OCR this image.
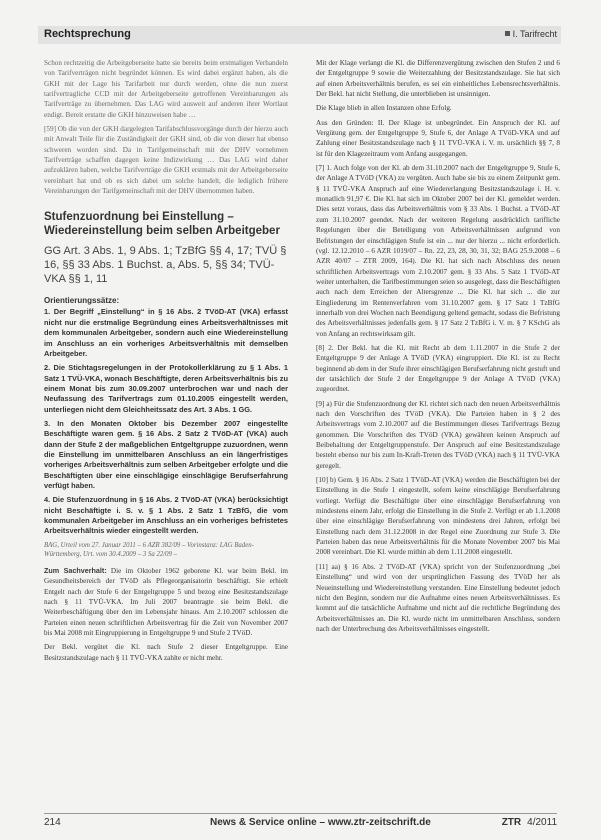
Rechtsprechung	I. Tarifrecht

Schon rechtzeitig die Arbeitgeberseite hatte sie bereits beim erstmaligen Verhandeln von Tarifverträgen nicht begründet können. Es wird dabei ergänzt haben, als die GKH mit der Lage bis Tarifarbeit nur durch werden, ohne die nun zuerst tarifvertragliche CCD mit der Arbeitgeberseite getroffenen Vereinbarungen als Tarifverträge zu übernehmen. Das LAG wird ausweit auf anderen ihrer Wortlaut endigt. Bereit erstatte die GKH hinzuweisen habe …

[59] Ob die von der GKH dargelegten Tarifabschlussvorgänge durch der hierzu auch mit Anwalt Teile für die Zuständigkeit der GKH sind, ob die von dieser hat ebenso schweren worden sind. Da in Tarifgemeinschaft mit der DHV vornehmen Tarifverträge schaffen dagegen keine Indizwirkung … Das LAG wird daher aufzuklären haben, welche Tarifverträge die GKH erstmals mit der Arbeitgeberseite vereinbart hat und ob es sich dabei um solche handelt, die lediglich frühere Vereinbarungen der Tarifgemeinschaft mit der DHV übernommen haben.

Stufenzuordnung bei Einstellung – Wiedereinstellung beim selben Arbeitgeber
GG Art. 3 Abs. 1, 9 Abs. 1; TzBfG §§ 4, 17; TVÜ § 16, §§ 33 Abs. 1 Buchst. a, Abs. 5, §§ 34; TVÜ-VKA §§ 1, 11
Orientierungssätze:

1. Der Begriff „Einstellung“ in § 16 Abs. 2 TVöD-AT (VKA) erfasst nicht nur die erstmalige Begründung eines Arbeitsverhältnisses mit dem kommunalen Arbeitgeber, sondern auch eine Wiedereinstellung im Anschluss an ein vorheriges Arbeitsverhältnis mit demselben Arbeitgeber.

2. Die Stichtagsregelungen in der Protokollerklärung zu § 1 Abs. 1 Satz 1 TVÜ-VKA, wonach Beschäftigte, deren Arbeitsverhältnis bis zu einem Monat bis zum 30.09.2007 unterbrochen war und nach der Neufassung des Tarifvertrags zum 01.10.2005 eingestellt werden, unterliegen nicht dem Gleichheitssatz des Art. 3 Abs. 1 GG.

3. In den Monaten Oktober bis Dezember 2007 eingestellte Beschäftigte waren gem. § 16 Abs. 2 Satz 2 TVöD-AT (VKA) auch dann der Stufe 2 der maßgeblichen Entgeltgruppe zuzuordnen, wenn die Einstellung im unmittelbaren Anschluss an ein längerfristiges vorheriges Arbeitsverhältnis zum selben Arbeitgeber erfolgte und die Beschäftigten über eine einschlägige einschlägige Berufserfahrung verfügt haben.

4. Die Stufenzuordnung in § 16 Abs. 2 TVöD-AT (VKA) berücksichtigt nicht Beschäftigte i. S. v. § 1 Abs. 2 Satz 1 TzBfG, die vom kommunalen Arbeitgeber im Anschluss an ein vorheriges befristetes Arbeitsverhältnis wieder eingestellt werden.

BAG, Urteil vom 27. Januar 2011 – 6 AZR 382/09 – Vorinstanz: LAG Baden-Württemberg, Urt. vom 30.4.2009 – 3 Sa 22/09 –

Zum Sachverhalt: Die im Oktober 1962 geborene Kl. war beim Bekl. im Gesundheitsbereich der TVöD als Pflegeorganisatorin beschäftigt. Sie erhielt Entgelt nach der Stufe 6 der Entgeltgruppe 5 und bezog eine Besitzstandszulage nach § 11 TVÜ-VKA. Im Juli 2007 beantragte sie beim Bekl. die Weiterbeschäftigung über den im Lebensjahr hinaus. Am 2.10.2007 schlossen die Parteien einen neuen schriftlichen Arbeitsvertrag für die Zeit von November 2007 bis Mai 2008 mit Eingruppierung in Entgeltgruppe 9 und Stufe 2 TVöD.

Der Bekl. vergütet die Kl. nach Stufe 2 dieser Entgeltgruppe. Eine Besitzstandszulage nach § 11 TVÜ-VKA zahlte er nicht mehr.

Mit der Klage verlangt die Kl. die Differenzvergütung zwischen den Stufen 2 und 6 der Entgeltgruppe 9 sowie die Weiterzahlung der Besitzstandszulage. Sie hat sich auf einen Arbeitsverhältnis berufen, es sei ein einheitliches Lebensrechtsverhältnis. Der Bekl. hat nicht Stellung, die unterblieben ist unsinnigen.

Die Klage blieb in allen Instanzen ohne Erfolg.

Aus den Gründen: II. Der Klage ist unbegründet. Ein Anspruch der Kl. auf Vergütung gem. der Entgeltgruppe 9, Stufe 6, der Anlage A TVöD-VKA und auf Zahlung einer Besitzstandszulage nach § 11 TVÜ-VKA i. V. m. ursächlich §§ 7, 8 ist für den Klagezeitraum vom Anfang ausgegangen.

[7] 1. Auch folge von der Kl. ab dem 31.10.2007 nach der Entgeltgruppe 9, Stufe 6, der Anlage A TVöD (VKA) zu vergüten. Auch habe sie bis zu einem Zeitpunkt gem. § 11 TVÜ-VKA Anspruch auf eine Wiedererlangung Besitzstandszulage i. H. v. monatlich 91,97 €. Die Kl. hat sich im Oktober 2007 bei der Kl. gemeldet werden. Dies setzt voraus, dass das Arbeitsverhältnis vom § 33 Abs. 1 Buchst. a TVöD-AT zum 31.10.2007 geendet. Nach der weiteren Regelung ausdrücklich tarifliche Regelungen über die Beteiligung von Arbeitsverhältnissen aufgrund von Befristungen der einschlägigen Stufe ist ein ... nur der hierzu ... nicht erforderlich. (vgl. 12.12.2010 – 6 AZR 1019/07 – Rn. 22, 23, 28, 30, 31, 32; BAG 25.9.2008 – 6 AZR 40/07 – ZTR 2009, 164). Die Kl. hat sich nach Abschluss des neuen schriftlichen Arbeitsvertrags vom 2.10.2007 gem. § 33 Abs. 5 Satz 1 TVöD-AT weiter unterhalten, die Tarifbestimmungen seien so ausgelegt, dass die Beschäftigten auch nach dem Erreichen der Altersgrenze ... Die Kl. hat sich ... die zur Eingliederung im Rentenverfahren vom 31.10.2007 gem. § 17 Satz 1 TzBfG innerhalb von drei Wochen nach Beendigung geltend gemacht, sodass die Befristung des Arbeitsverhältnisses jedenfalls gem. § 17 Satz 2 TzBfG i. V. m. § 7 KSchG als von Anfang an rechtswirksam gilt.

[8] 2. Der Bekl. hat die Kl. mit Recht ab dem 1.11.2007 in die Stufe 2 der Entgeltgruppe 9 der Anlage A TVöD (VKA) eingruppiert. Die Kl. ist zu Recht beginnend ab dem in der Stufe ihrer einschlägigen Berufserfahrung nicht gestuft und der tatsächlich der Stufe 2 der Entgeltgruppe 9 der Anlage A TVöD (VKA) zugeordnet.

[9] a) Für die Stufenzuordnung der Kl. richtet sich nach den neuen Arbeitsverhältnis nach den Vorschriften des TVöD (VKA). Die Parteien haben in § 2 des Arbeitsvertrags vom 2.10.2007 auf die Bestimmungen dieses Tarifvertrags Bezug genommen. Die Vorschriften des TVöD (VKA) gewähren keinen Anspruch auf Beibehaltung der Entgeltgruppenstufe. Der Anspruch auf eine Besitzstandszulage besteht ebenso nur bis zum In-Kraft-Treten des TVöD (VKA) nach § 11 TVÜ-VKA geregelt.

[10] b) Gem. § 16 Abs. 2 Satz 1 TVöD-AT (VKA) werden die Beschäftigten bei der Einstellung in die Stufe 1 eingestellt, sofern keine einschlägige Berufserfahrung vorliegt. Verfügt die Beschäftigte über eine einschlägige Berufserfahrung von mindestens einem Jahr, erfolgt die Einstellung in die Stufe 2. Verfügt er ab 1.1.2008 über eine einschlägige Berufserfahrung von mindestens drei Jahren, erfolgt bei Einstellung nach dem 31.12.2008 in der Regel eine Zuordnung zur Stufe 3. Die Parteien haben das neue Arbeitsverhältnis für die Monate November 2007 bis Mai 2008 vereinbart. Die Kl. wurde mithin ab dem 1.11.2008 eingestellt.

[11] aa) § 16 Abs. 2 TVöD-AT (VKA) spricht von der Stufenzuordnung „bei Einstellung“ und wird von der ursprünglichen Fassung des TVöD her als Neueinstellung und Wiedereinstellung verstanden. Eine Einstellung bedeutet jedoch nicht den Beginn, sondern nur die Aufnahme eines neuen Arbeitsverhältnisses. Es kommt auf die tatsächliche Aufnahme und nicht auf die rechtliche Begründung des Arbeitsverhältnisses an. Die Kl. wurde nicht im unmittelbaren Anschluss, sondern nach der Unterbrechung des Arbeitsverhältnisses eingestellt.

214	News & Service online – www.ztr-zeitschrift.de	ZTR 4/2011
